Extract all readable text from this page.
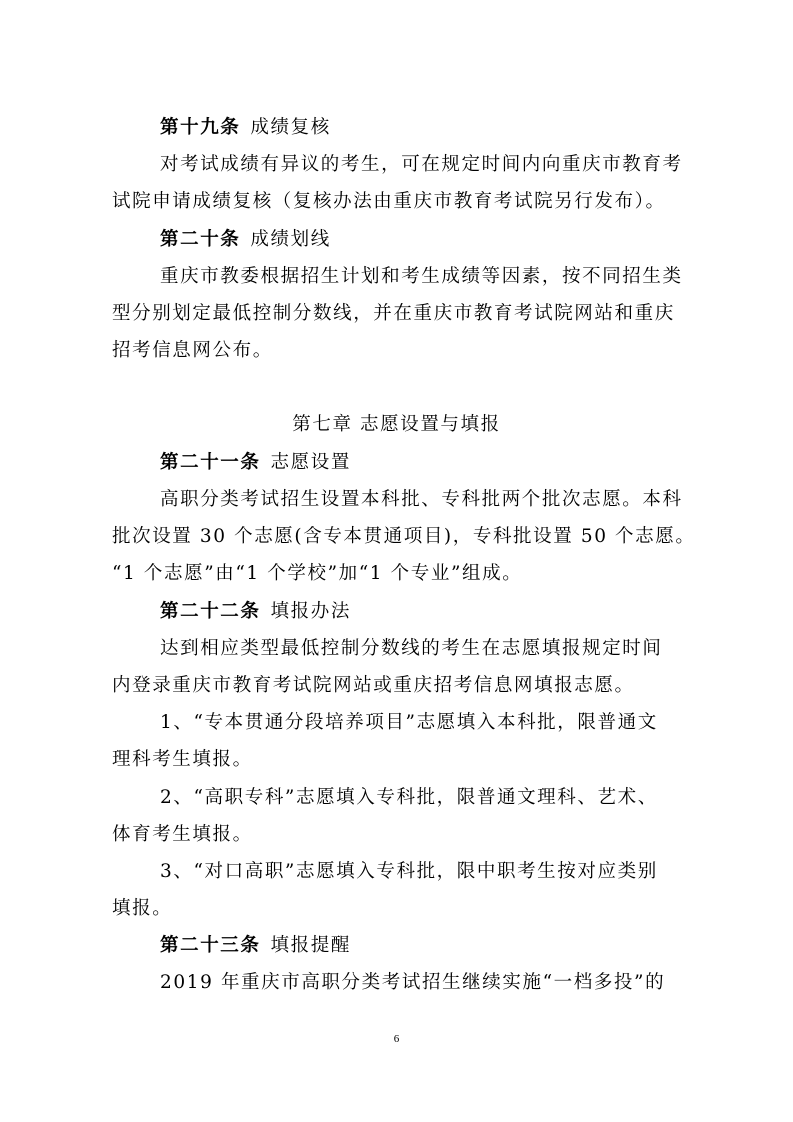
第十九条 成绩复核
对考试成绩有异议的考生，可在规定时间内向重庆市教育考
试院申请成绩复核（复核办法由重庆市教育考试院另行发布）。
第二十条 成绩划线
重庆市教委根据招生计划和考生成绩等因素，按不同招生类
型分别划定最低控制分数线，并在重庆市教育考试院网站和重庆
招考信息网公布。
第七章 志愿设置与填报
第二十一条 志愿设置
高职分类考试招生设置本科批、专科批两个批次志愿。本科
批次设置 30 个志愿(含专本贯通项目)，专科批设置 50 个志愿。
“1 个志愿”由“1 个学校”加“1 个专业”组成。
第二十二条 填报办法
达到相应类型最低控制分数线的考生在志愿填报规定时间
内登录重庆市教育考试院网站或重庆招考信息网填报志愿。
1、“专本贯通分段培养项目”志愿填入本科批，限普通文
理科考生填报。
2、“高职专科”志愿填入专科批，限普通文理科、艺术、
体育考生填报。
3、“对口高职”志愿填入专科批，限中职考生按对应类别
填报。
第二十三条 填报提醒
2019 年重庆市高职分类考试招生继续实施“一档多投”的
6
